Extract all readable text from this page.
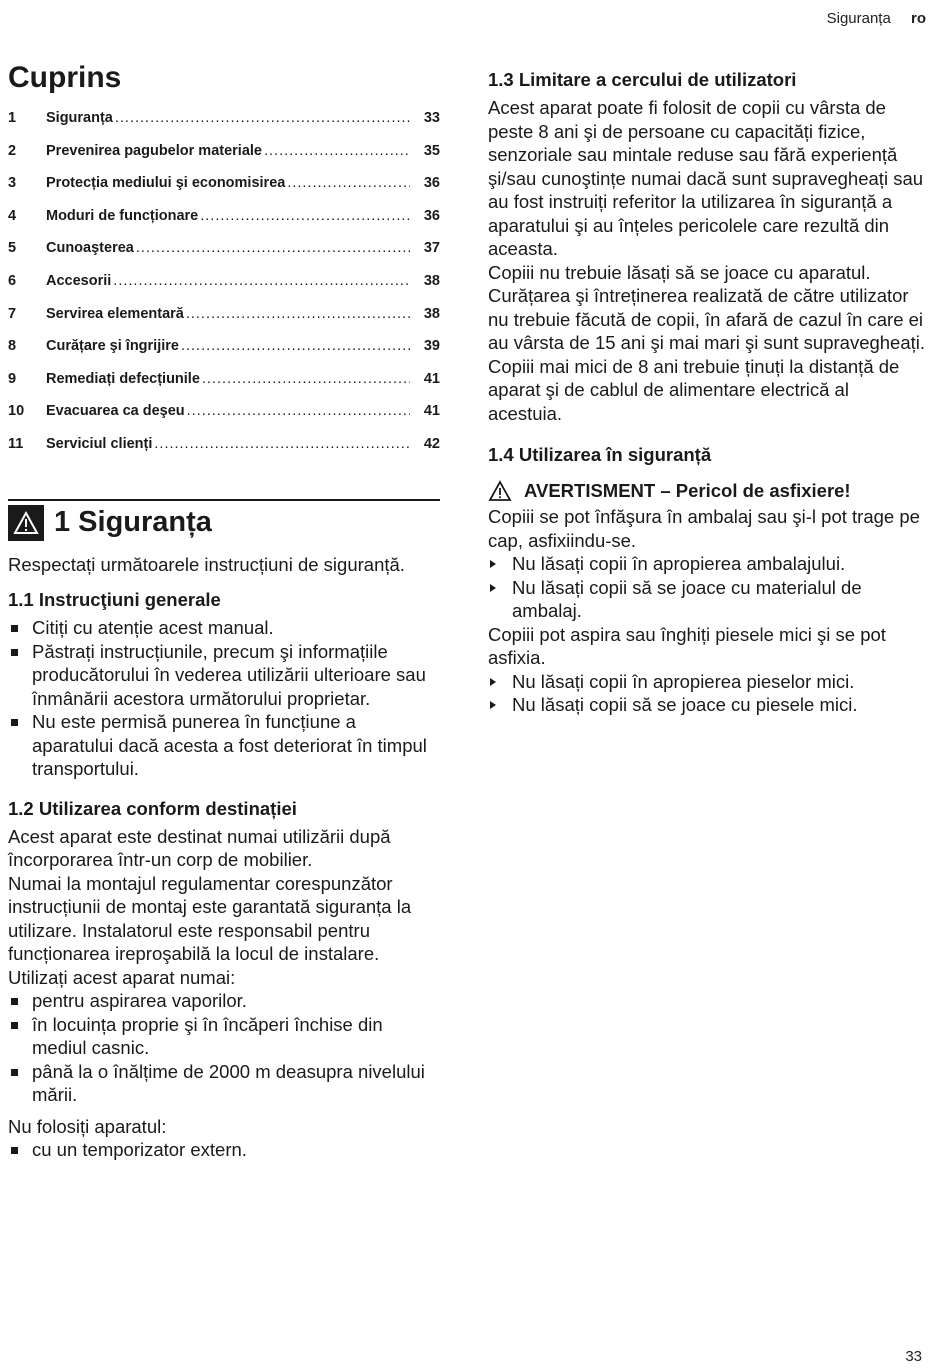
Siguranța ro
Cuprins
1	Siguranța .....	33
2	Prevenirea pagubelor materiale .....	35
3	Protecția mediului şi economisirea .....	36
4	Moduri de funcționare .....	36
5	Cunoaşterea .....	37
6	Accesorii .....	38
7	Servirea elementară .....	38
8	Curățare şi îngrijire .....	39
9	Remediați defecțiunile .....	41
10	Evacuarea ca deşeu .....	41
11	Serviciul clienți .....	42
1 Siguranța

Respectați următoarele instrucțiuni de siguranță.

1.1 Instrucţiuni generale
Citiți cu atenție acest manual.
Păstrați instrucțiunile, precum şi informațiile producătorului în vederea utilizării ulterioare sau înmânării acestora următorului proprietar.
Nu este permisă punerea în funcțiune a aparatului dacă acesta a fost deteriorat în timpul transportului.
1.2 Utilizarea conform destinației

Acest aparat este destinat numai utilizării după încorporarea într-un corp de mobilier.

Numai la montajul regulamentar corespunzător instrucțiunii de montaj este garantată siguranța la utilizare. Instalatorul este responsabil pentru funcționarea ireproşabilă la locul de instalare.

Utilizați acest aparat numai:

pentru aspirarea vaporilor.
în locuința proprie şi în încăperi închise din mediul casnic.
până la o înălțime de 2000 m deasupra nivelului mării.

Nu folosiți aparatul:

cu un temporizator extern.
1.3 Limitare a cercului de utilizatori

Acest aparat poate fi folosit de copii cu vârsta de peste 8 ani şi de persoane cu capacități fizice, senzoriale sau mintale reduse sau fără experiență şi/sau cunoştințe numai dacă sunt supravegheați sau au fost instruiți referitor la utilizarea în siguranță a aparatului şi au înțeles pericolele care rezultă din aceasta.

Copiii nu trebuie lăsați să se joace cu aparatul.

Curățarea şi întreținerea realizată de către utilizator nu trebuie făcută de copii, în afară de cazul în care ei au vârsta de 15 ani şi mai mari şi sunt supravegheați.

Copiii mai mici de 8 ani trebuie ținuți la distanță de aparat şi de cablul de alimentare electrică al acestuia.

1.4 Utilizarea în siguranță
AVERTISMENT – Pericol de asfixiere!

Copiii se pot înfăşura în ambalaj sau şi-l pot trage pe cap, asfixiindu-se.

Nu lăsați copii în apropierea ambalajului.
Nu lăsați copii să se joace cu materialul de ambalaj.

Copiii pot aspira sau înghiți piesele mici şi se pot asfixia.

Nu lăsați copii în apropierea pieselor mici.
Nu lăsați copii să se joace cu piesele mici.
33
